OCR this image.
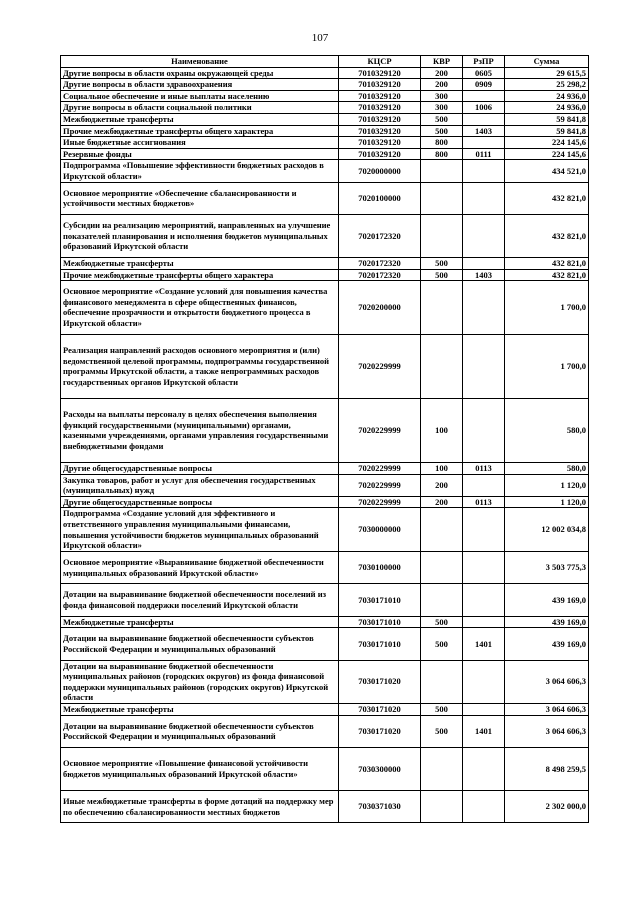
107
Наименование	КЦСР	КВР	РзПР	Сумма
Другие вопросы в области охраны окружающей среды	7010329120	200	0605	29 615,5
Другие вопросы в области здравоохранения	7010329120	200	0909	25 298,2
Социальное обеспечение и иные выплаты населению	7010329120	300		24 936,0
Другие вопросы в области социальной политики	7010329120	300	1006	24 936,0
Межбюджетные трансферты	7010329120	500		59 841,8
Прочие межбюджетные трансферты общего характера	7010329120	500	1403	59 841,8
Иные бюджетные ассигнования	7010329120	800		224 145,6
Резервные фонды	7010329120	800	0111	224 145,6
Подпрограмма «Повышение эффективности бюджетных расходов в Иркутской области»	7020000000			434 521,0
Основное мероприятие «Обеспечение сбалансированности и устойчивости местных бюджетов»	7020100000			432 821,0
Субсидии на реализацию мероприятий, направленных на улучшение показателей планирования и исполнения бюджетов муниципальных образований Иркутской области	7020172320			432 821,0
Межбюджетные трансферты	7020172320	500		432 821,0
Прочие межбюджетные трансферты общего характера	7020172320	500	1403	432 821,0
Основное мероприятие «Создание условий для повышения качества финансового менеджмента в сфере общественных финансов, обеспечение прозрачности и открытости бюджетного процесса в Иркутской области»	7020200000			1 700,0
Реализация направлений расходов основного мероприятия и (или) ведомственной целевой программы, подпрограммы государственной программы Иркутской области, а также непрограммных расходов государственных органов Иркутской области	7020229999			1 700,0
Расходы на выплаты персоналу в целях обеспечения выполнения функций государственными (муниципальными) органами, казенными учреждениями, органами управления государственными внебюджетными фондами	7020229999	100		580,0
Другие общегосударственные вопросы	7020229999	100	0113	580,0
Закупка товаров, работ и услуг для обеспечения государственных (муниципальных) нужд	7020229999	200		1 120,0
Другие общегосударственные вопросы	7020229999	200	0113	1 120,0
Подпрограмма «Создание условий для эффективного и ответственного управления муниципальными финансами, повышения устойчивости бюджетов муниципальных образований Иркутской области»	7030000000			12 002 034,8
Основное мероприятие «Выравнивание бюджетной обеспеченности муниципальных образований Иркутской области»	7030100000			3 503 775,3
Дотации на выравнивание бюджетной обеспеченности поселений из фонда финансовой поддержки поселений Иркутской области	7030171010			439 169,0
Межбюджетные трансферты	7030171010	500		439 169,0
Дотации на выравнивание бюджетной обеспеченности субъектов Российской Федерации и муниципальных образований	7030171010	500	1401	439 169,0
Дотации на выравнивание бюджетной обеспеченности муниципальных районов (городских округов) из фонда финансовой поддержки муниципальных районов (городских округов) Иркутской области	7030171020			3 064 606,3
Межбюджетные трансферты	7030171020	500		3 064 606,3
Дотации на выравнивание бюджетной обеспеченности субъектов Российской Федерации и муниципальных образований	7030171020	500	1401	3 064 606,3
Основное мероприятие «Повышение финансовой устойчивости бюджетов муниципальных образований Иркутской области»	7030300000			8 498 259,5
Иные межбюджетные трансферты в форме дотаций на поддержку мер по обеспечению сбалансированности местных бюджетов	7030371030			2 302 000,0
